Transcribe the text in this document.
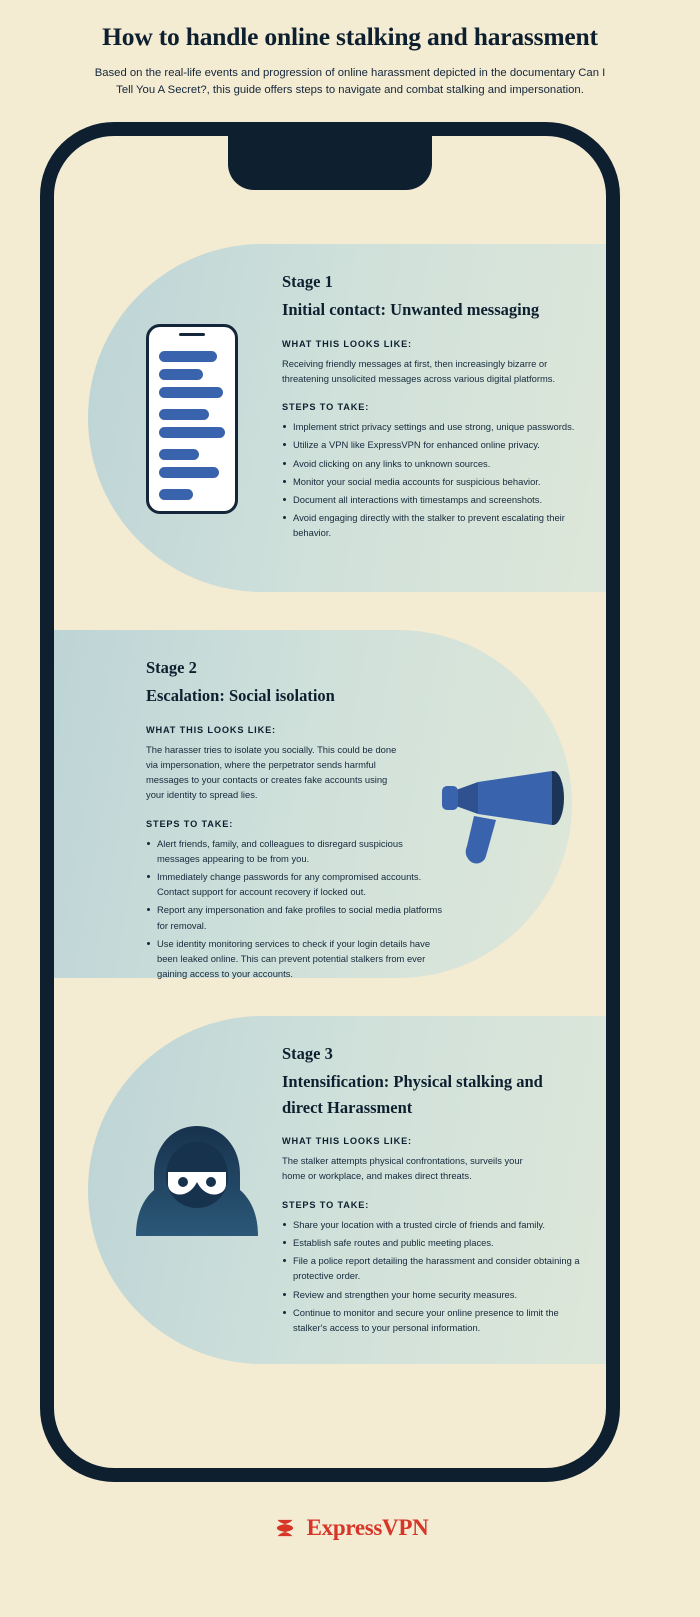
How to handle online stalking and harassment

Based on the real-life events and progression of online harassment depicted in the documentary Can I Tell You A Secret?, this guide offers steps to navigate and combat stalking and impersonation.

Stage 1
Initial contact: Unwanted messaging
WHAT THIS LOOKS LIKE:
Receiving friendly messages at first, then increasingly bizarre or threatening unsolicited messages across various digital platforms.
STEPS TO TAKE:
Implement strict privacy settings and use strong, unique passwords.
Utilize a VPN like ExpressVPN for enhanced online privacy.
Avoid clicking on any links to unknown sources.
Monitor your social media accounts for suspicious behavior.
Document all interactions with timestamps and screenshots.
Avoid engaging directly with the stalker to prevent escalating their behavior.
Stage 2
Escalation: Social isolation
WHAT THIS LOOKS LIKE:
The harasser tries to isolate you socially. This could be done via impersonation, where the perpetrator sends harmful messages to your contacts or creates fake accounts using your identity to spread lies.
STEPS TO TAKE:
Alert friends, family, and colleagues to disregard suspicious messages appearing to be from you.
Immediately change passwords for any compromised accounts. Contact support for account recovery if locked out.
Report any impersonation and fake profiles to social media platforms for removal.
Use identity monitoring services to check if your login details have been leaked online. This can prevent potential stalkers from ever gaining access to your accounts.
Stage 3
Intensification: Physical stalking and direct Harassment
WHAT THIS LOOKS LIKE:
The stalker attempts physical confrontations, surveils your home or workplace, and makes direct threats.
STEPS TO TAKE:
Share your location with a trusted circle of friends and family.
Establish safe routes and public meeting places.
File a police report detailing the harassment and consider obtaining a protective order.
Review and strengthen your home security measures.
Continue to monitor and secure your online presence to limit the stalker's access to your personal information.
ExpressVPN
